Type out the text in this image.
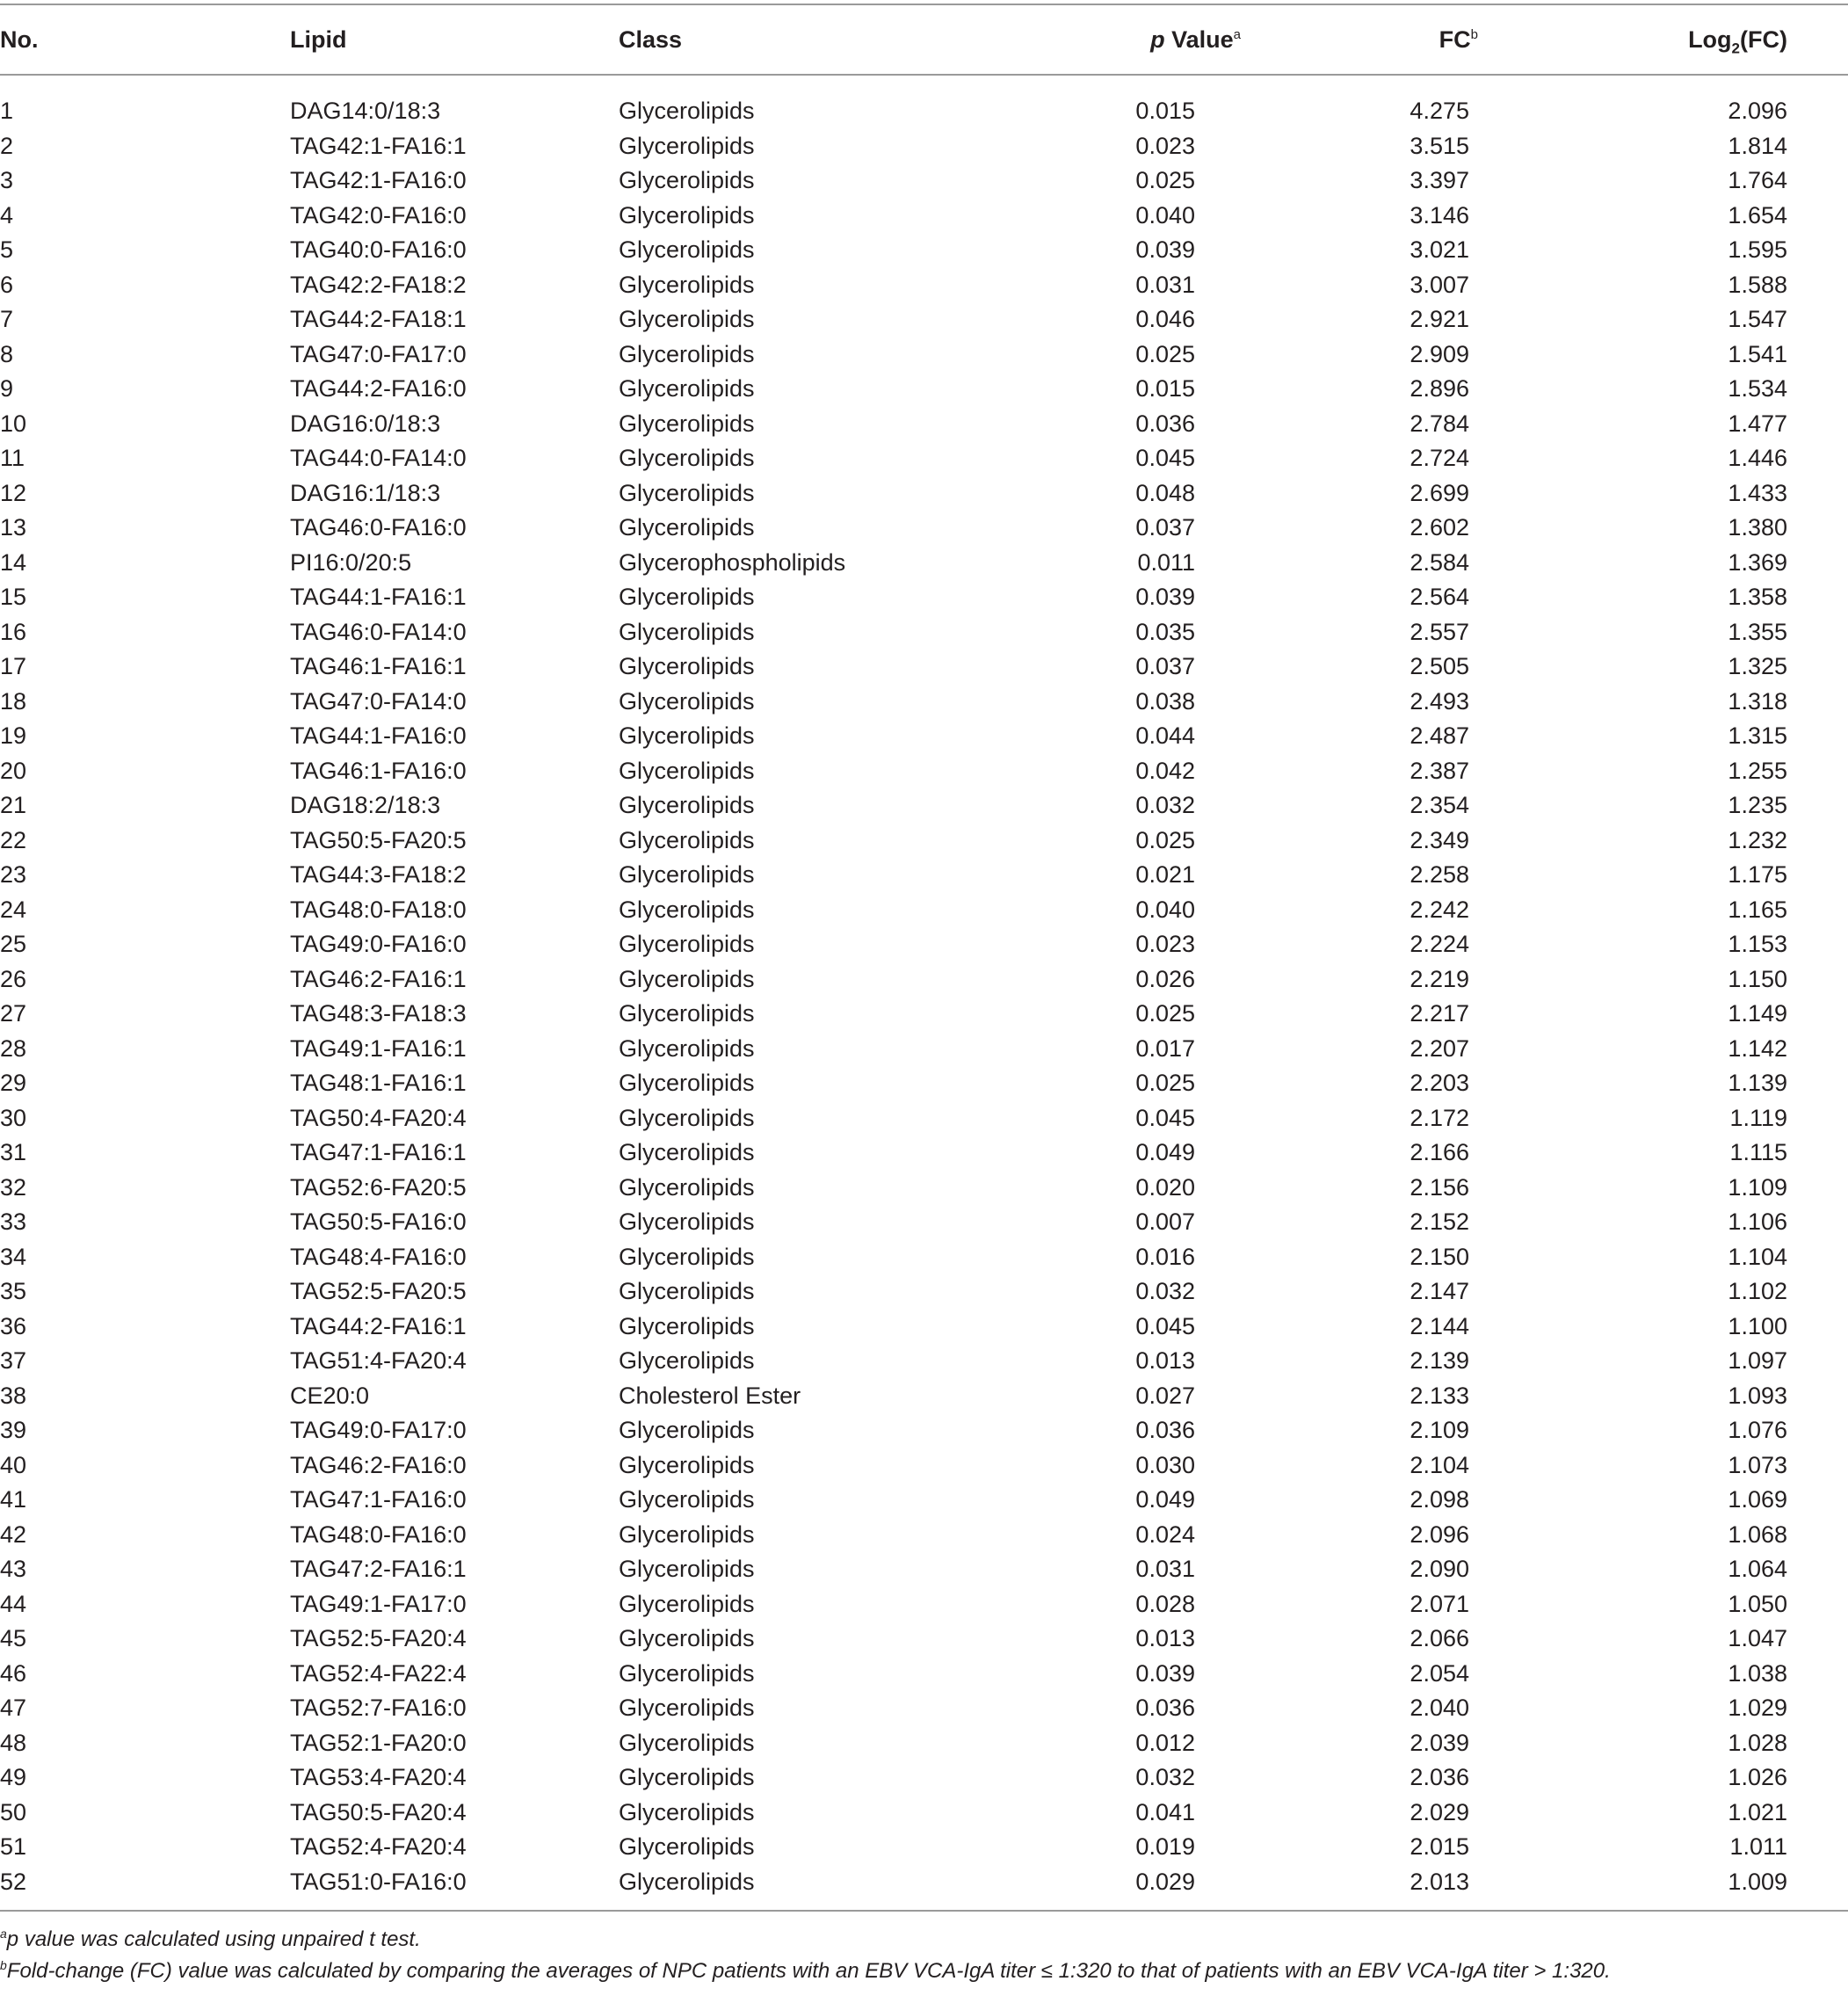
No.	Lipid	Class	p Value$^a$	$FC^b$	Log$_2$(FC)
1	DAG14:0/18:3	Glycerolipids	0.015	4.275	2.096
2	TAG42:1-FA16:1	Glycerolipids	0.023	3.515	1.814
3	TAG42:1-FA16:0	Glycerolipids	0.025	3.397	1.764
4	TAG42:0-FA16:0	Glycerolipids	0.040	3.146	1.654
5	TAG40:0-FA16:0	Glycerolipids	0.039	3.021	1.595
6	TAG42:2-FA18:2	Glycerolipids	0.031	3.007	1.588
7	TAG44:2-FA18:1	Glycerolipids	0.046	2.921	1.547
8	TAG47:0-FA17:0	Glycerolipids	0.025	2.909	1.541
9	TAG44:2-FA16:0	Glycerolipids	0.015	2.896	1.534
10	DAG16:0/18:3	Glycerolipids	0.036	2.784	1.477
11	TAG44:0-FA14:0	Glycerolipids	0.045	2.724	1.446
12	DAG16:1/18:3	Glycerolipids	0.048	2.699	1.433
13	TAG46:0-FA16:0	Glycerolipids	0.037	2.602	1.380
14	PI16:0/20:5	Glycerophospholipids	0.011	2.584	1.369
15	TAG44:1-FA16:1	Glycerolipids	0.039	2.564	1.358
16	TAG46:0-FA14:0	Glycerolipids	0.035	2.557	1.355
17	TAG46:1-FA16:1	Glycerolipids	0.037	2.505	1.325
18	TAG47:0-FA14:0	Glycerolipids	0.038	2.493	1.318
19	TAG44:1-FA16:0	Glycerolipids	0.044	2.487	1.315
20	TAG46:1-FA16:0	Glycerolipids	0.042	2.387	1.255
21	DAG18:2/18:3	Glycerolipids	0.032	2.354	1.235
22	TAG50:5-FA20:5	Glycerolipids	0.025	2.349	1.232
23	TAG44:3-FA18:2	Glycerolipids	0.021	2.258	1.175
24	TAG48:0-FA18:0	Glycerolipids	0.040	2.242	1.165
25	TAG49:0-FA16:0	Glycerolipids	0.023	2.224	1.153
26	TAG46:2-FA16:1	Glycerolipids	0.026	2.219	1.150
27	TAG48:3-FA18:3	Glycerolipids	0.025	2.217	1.149
28	TAG49:1-FA16:1	Glycerolipids	0.017	2.207	1.142
29	TAG48:1-FA16:1	Glycerolipids	0.025	2.203	1.139
30	TAG50:4-FA20:4	Glycerolipids	0.045	2.172	1.119
31	TAG47:1-FA16:1	Glycerolipids	0.049	2.166	1.115
32	TAG52:6-FA20:5	Glycerolipids	0.020	2.156	1.109
33	TAG50:5-FA16:0	Glycerolipids	0.007	2.152	1.106
34	TAG48:4-FA16:0	Glycerolipids	0.016	2.150	1.104
35	TAG52:5-FA20:5	Glycerolipids	0.032	2.147	1.102
36	TAG44:2-FA16:1	Glycerolipids	0.045	2.144	1.100
37	TAG51:4-FA20:4	Glycerolipids	0.013	2.139	1.097
38	CE20:0	Cholesterol Ester	0.027	2.133	1.093
39	TAG49:0-FA17:0	Glycerolipids	0.036	2.109	1.076
40	TAG46:2-FA16:0	Glycerolipids	0.030	2.104	1.073
41	TAG47:1-FA16:0	Glycerolipids	0.049	2.098	1.069
42	TAG48:0-FA16:0	Glycerolipids	0.024	2.096	1.068
43	TAG47:2-FA16:1	Glycerolipids	0.031	2.090	1.064
44	TAG49:1-FA17:0	Glycerolipids	0.028	2.071	1.050
45	TAG52:5-FA20:4	Glycerolipids	0.013	2.066	1.047
46	TAG52:4-FA22:4	Glycerolipids	0.039	2.054	1.038
47	TAG52:7-FA16:0	Glycerolipids	0.036	2.040	1.029
48	TAG52:1-FA20:0	Glycerolipids	0.012	2.039	1.028
49	TAG53:4-FA20:4	Glycerolipids	0.032	2.036	1.026
50	TAG50:5-FA20:4	Glycerolipids	0.041	2.029	1.021
51	TAG52:4-FA20:4	Glycerolipids	0.019	2.015	1.011
52	TAG51:0-FA16:0	Glycerolipids	0.029	2.013	1.009
$^a$p value was calculated using unpaired t test.
$^b$Fold-change (FC) value was calculated by comparing the averages of NPC patients with an EBV VCA-IgA titer ≤ 1:320 to that of patients with an EBV VCA-IgA titer > 1:320.
